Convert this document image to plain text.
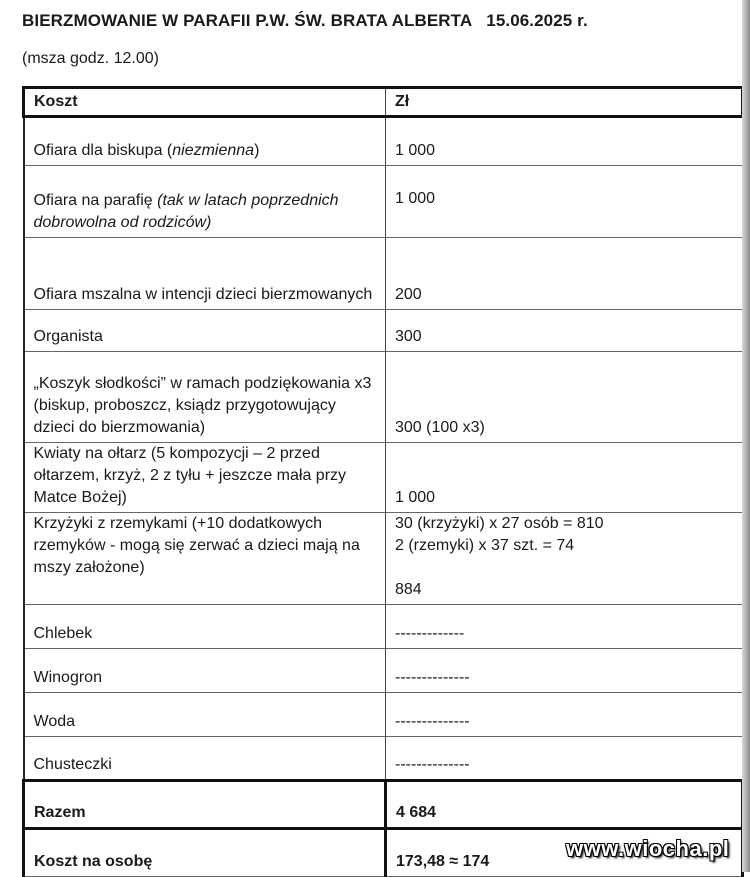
BIERZMOWANIE W PARAFII P.W. ŚW. BRATA ALBERTA 15.06.2025 r.
(msza godz. 12.00)
Koszt	Zł
Ofiara dla biskupa (niezmienna)	1 000
Ofiara na parafię (tak w latach poprzednich dobrowolna od rodziców)	1 000
Ofiara mszalna w intencji dzieci bierzmowanych	200
Organista	300
„Koszyk słodkości” w ramach podziękowania x3 (biskup, proboszcz, ksiądz przygotowujący dzieci do bierzmowania)	300 (100 x3)
Kwiaty na ołtarz (5 kompozycji – 2 przed ołtarzem, krzyż, 2 z tyłu + jeszcze mała przy Matce Bożej)	1 000
Krzyżyki z rzemykami (+10 dodatkowych rzemyków - mogą się zerwać a dzieci mają na mszy założone)	30 (krzyżyki) x 27 osób = 810
2 (rzemyki) x 37 szt. = 74
884

Chlebek	-------------
Winogron	--------------
Woda	--------------
Chusteczki	--------------
Razem	4 684
Koszt na osobę	173,48 ≈ 174
www.wiocha.pl
